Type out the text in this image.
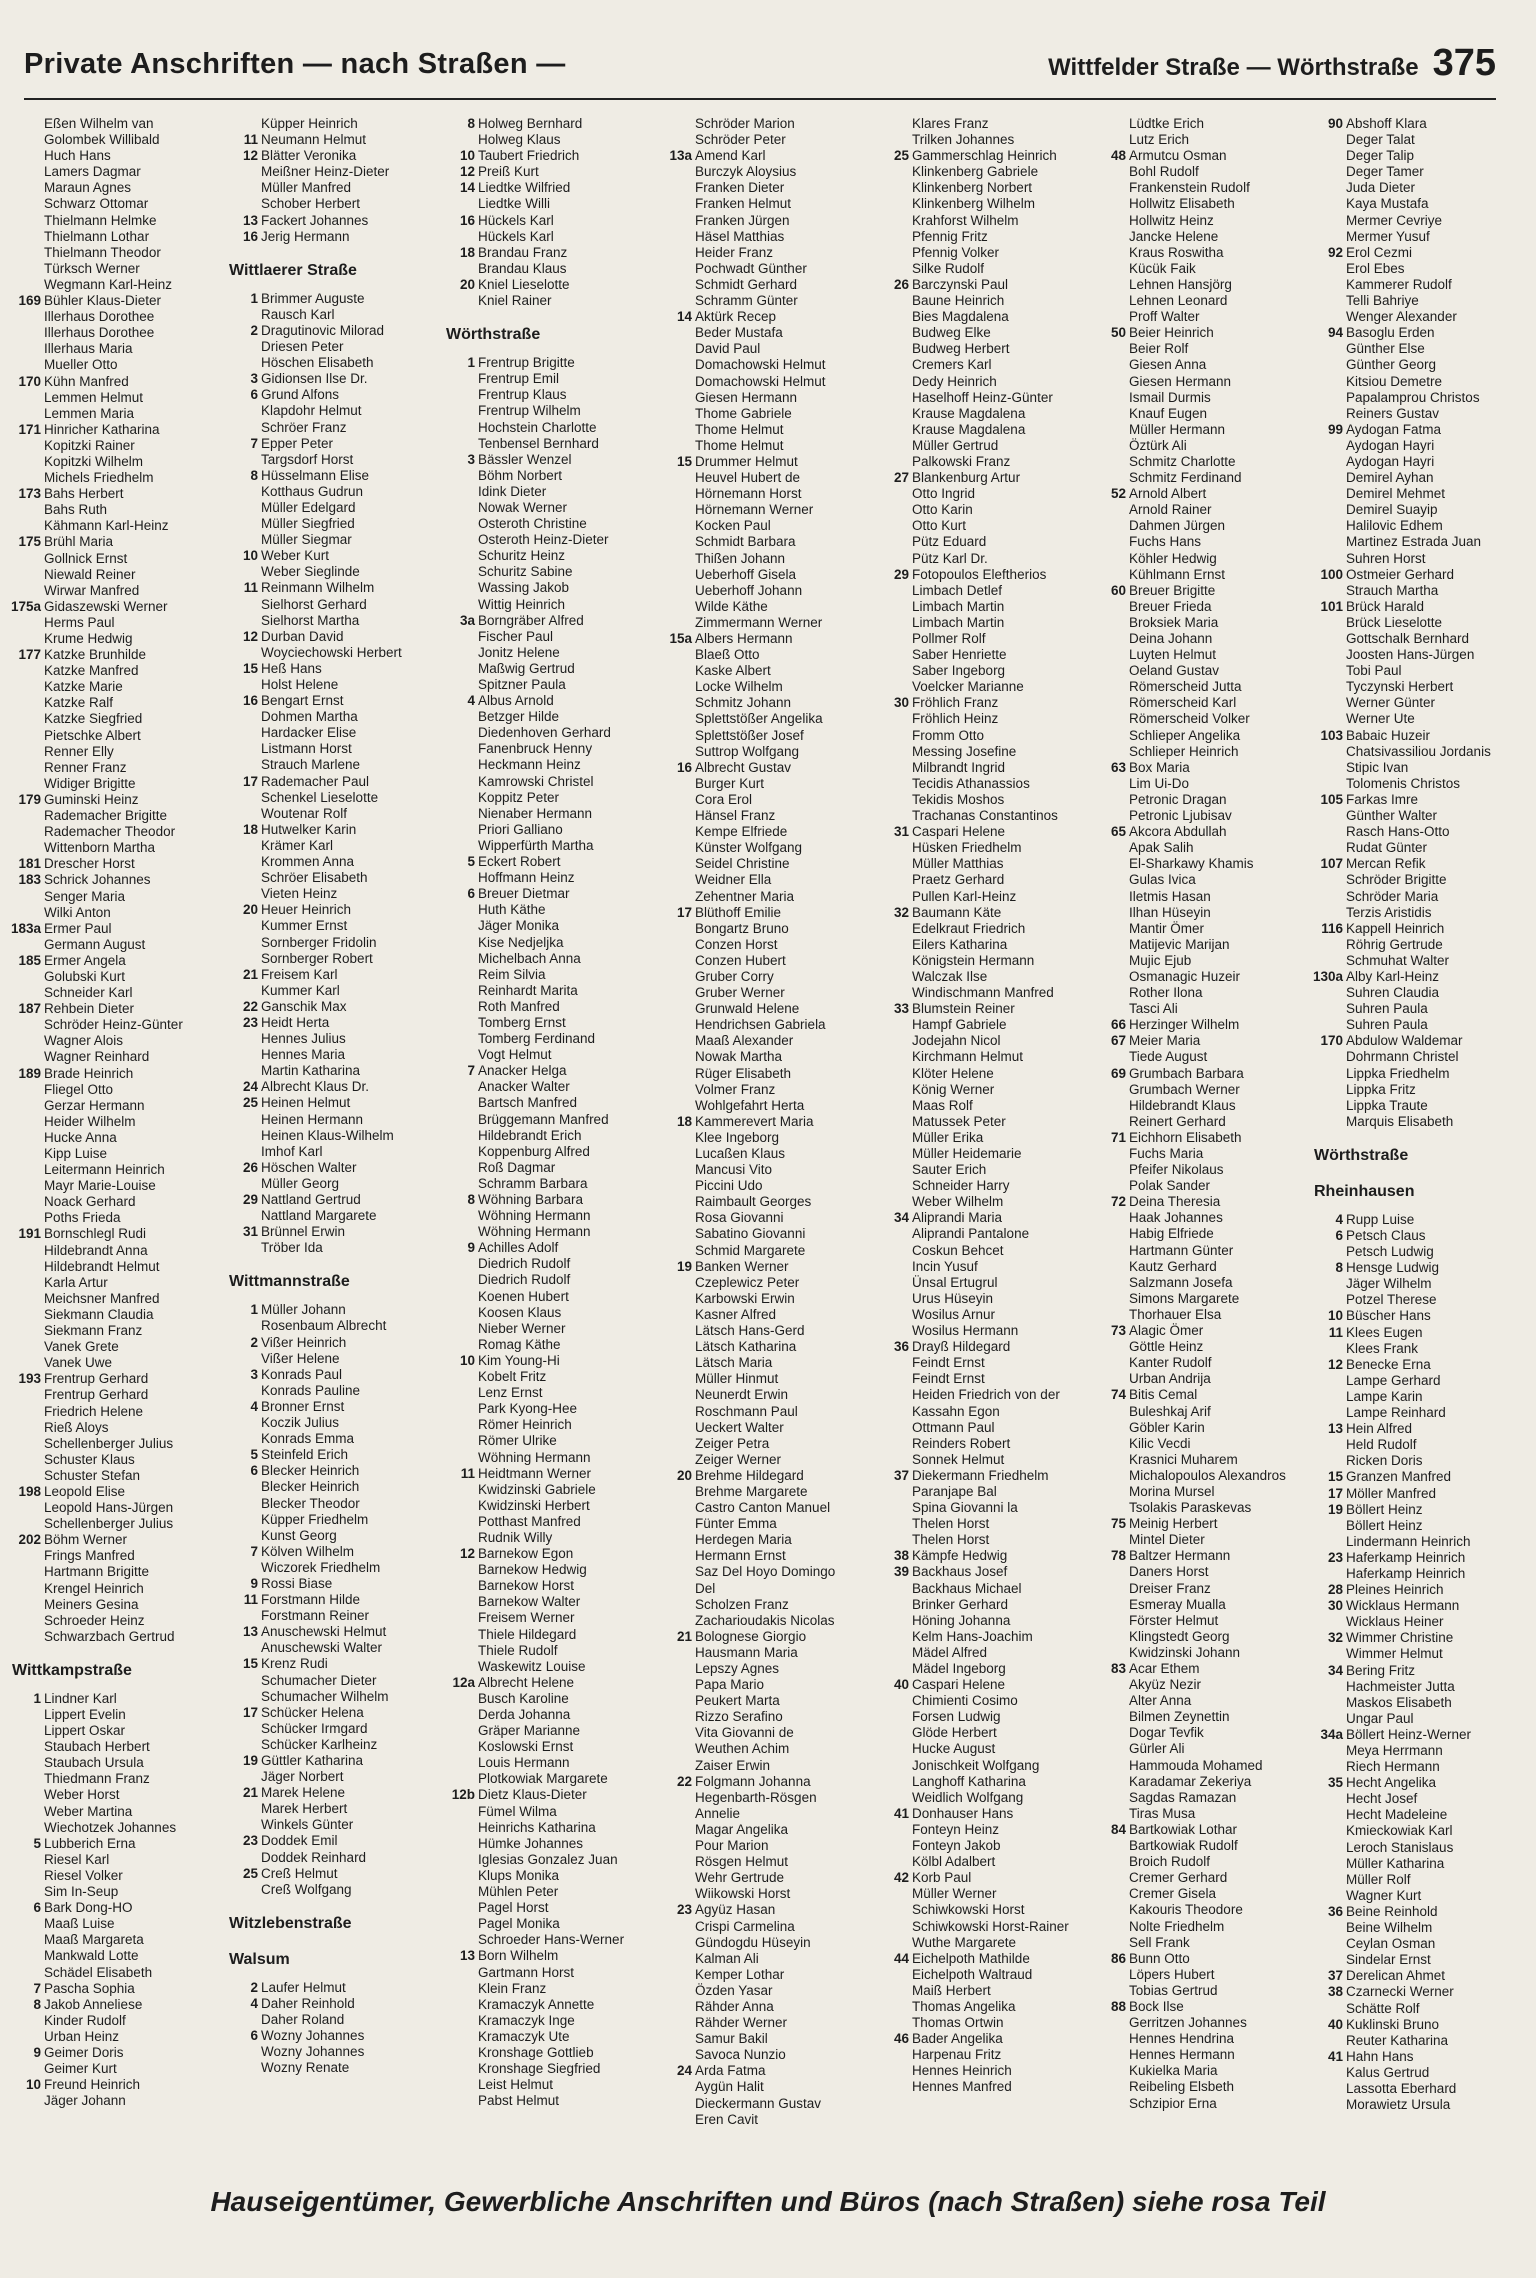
Private Anschriften — nach Straßen —	Wittfelder Straße — Wörthstraße 375
Eßen Wilhelm van
Golombek Willibald
Huch Hans
Lamers Dagmar
Maraun Agnes
Schwarz Ottomar
Thielmann Helmke
Thielmann Lothar
Thielmann Theodor
Türksch Werner
Wegmann Karl-Heinz
169 Bühler Klaus-Dieter
Illerhaus Dorothee
Illerhaus Dorothee
Illerhaus Maria
Mueller Otto
170 Kühn Manfred
Lemmen Helmut
Lemmen Maria
171 Hinricher Katharina
Kopitzki Rainer
Kopitzki Wilhelm
Michels Friedhelm
173 Bahs Herbert
Bahs Ruth
Kähmann Karl-Heinz
175 Brühl Maria
Gollnick Ernst
Niewald Reiner
Wirwar Manfred
175a Gidaszewski Werner
Herms Paul
Krume Hedwig
177 Katzke Brunhilde
Katzke Manfred
Katzke Marie
Katzke Ralf
Katzke Siegfried
Pietschke Albert
Renner Elly
Renner Franz
Widiger Brigitte
179 Guminski Heinz
Rademacher Brigitte
Rademacher Theodor
Wittenborn Martha
181 Drescher Horst
183 Schrick Johannes
Senger Maria
Wilki Anton
183a Ermer Paul
Germann August
185 Ermer Angela
Golubski Kurt
Schneider Karl
187 Rehbein Dieter
Schröder Heinz-Günter
Wagner Alois
Wagner Reinhard
189 Brade Heinrich
Fliegel Otto
Gerzar Hermann
Heider Wilhelm
Hucke Anna
Kipp Luise
Leitermann Heinrich
Mayr Marie-Louise
Noack Gerhard
Poths Frieda
191 Bornschlegl Rudi
Hildebrandt Anna
Hildebrandt Helmut
Karla Artur
Meichsner Manfred
Siekmann Claudia
Siekmann Franz
Vanek Grete
Vanek Uwe
193 Frentrup Gerhard
Frentrup Gerhard
Friedrich Helene
Rieß Aloys
Schellenberger Julius
Schuster Klaus
Schuster Stefan
198 Leopold Elise
Leopold Hans-Jürgen
Schellenberger Julius
202 Böhm Werner
Frings Manfred
Hartmann Brigitte
Krengel Heinrich
Meiners Gesina
Schroeder Heinz
Schwarzbach Gertrud
Wittkampstraße
1 Lindner Karl
Lippert Evelin
Lippert Oskar
Staubach Herbert
Staubach Ursula
Thiedmann Franz
Weber Horst
Weber Martina
Wiechotzek Johannes
5 Lubberich Erna
Riesel Karl
Riesel Volker
Sim In-Seup
6 Bark Dong-HO
Maaß Luise
Maaß Margareta
Mankwald Lotte
Schädel Elisabeth
7 Pascha Sophia
8 Jakob Anneliese
Kinder Rudolf
Urban Heinz
9 Geimer Doris
Geimer Kurt
10 Freund Heinrich
Jäger Johann
Küpper Heinrich
11 Neumann Helmut
12 Blätter Veronika
Meißner Heinz-Dieter
Müller Manfred
Schober Herbert
13 Fackert Johannes
16 Jerig Hermann
Wittlaerer Straße
1 Brimmer Auguste
Rausch Karl
2 Dragutinovic Milorad
Driesen Peter
Höschen Elisabeth
3 Gidionsen Ilse Dr.
6 Grund Alfons
Klapdohr Helmut
Schröer Franz
7 Epper Peter
Targsdorf Horst
8 Hüsselmann Elise
Kotthaus Gudrun
Müller Edelgard
Müller Siegfried
Müller Siegmar
10 Weber Kurt
Weber Sieglinde
11 Reinmann Wilhelm
Sielhorst Gerhard
Sielhorst Martha
12 Durban David
Woyciechowski Herbert
15 Heß Hans
Holst Helene
16 Bengart Ernst
Dohmen Martha
Hardacker Elise
Listmann Horst
Strauch Marlene
17 Rademacher Paul
Schenkel Lieselotte
Woutenar Rolf
18 Hutwelker Karin
Krämer Karl
Krommen Anna
Schröer Elisabeth
Vieten Heinz
20 Heuer Heinrich
Kummer Ernst
Sornberger Fridolin
Sornberger Robert
21 Freisem Karl
Kummer Karl
22 Ganschik Max
23 Heidt Herta
Hennes Julius
Hennes Maria
Martin Katharina
24 Albrecht Klaus Dr.
25 Heinen Helmut
Heinen Hermann
Heinen Klaus-Wilhelm
Imhof Karl
26 Höschen Walter
Müller Georg
29 Nattland Gertrud
Nattland Margarete
31 Brünnel Erwin
Tröber Ida
Wittmannstraße
1 Müller Johann
Rosenbaum Albrecht
2 Vißer Heinrich
Vißer Helene
3 Konrads Paul
Konrads Pauline
4 Bronner Ernst
Koczik Julius
Konrads Emma
5 Steinfeld Erich
6 Blecker Heinrich
Blecker Heinrich
Blecker Theodor
Küpper Friedhelm
Kunst Georg
7 Kölven Wilhelm
Wiczorek Friedhelm
9 Rossi Biase
11 Forstmann Hilde
Forstmann Reiner
13 Anuschewski Helmut
Anuschewski Walter
15 Krenz Rudi
Schumacher Dieter
Schumacher Wilhelm
17 Schücker Helena
Schücker Irmgard
Schücker Karlheinz
19 Güttler Katharina
Jäger Norbert
21 Marek Helene
Marek Herbert
Winkels Günter
23 Doddek Emil
Doddek Reinhard
25 Creß Helmut
Creß Wolfgang
Witzlebenstraße
Walsum
2 Laufer Helmut
4 Daher Reinhold
Daher Roland
6 Wozny Johannes
Wozny Johannes
Wozny Renate
8 Holweg Bernhard
Holweg Klaus
10 Taubert Friedrich
12 Preiß Kurt
14 Liedtke Wilfried
Liedtke Willi
16 Hückels Karl
Hückels Karl
18 Brandau Franz
Brandau Klaus
20 Kniel Lieselotte
Kniel Rainer
Wörthstraße
1 Frentrup Brigitte
Frentrup Emil
Frentrup Klaus
Frentrup Wilhelm
Hochstein Charlotte
Tenbensel Bernhard
3 Bässler Wenzel
Böhm Norbert
Idink Dieter
Nowak Werner
Osteroth Christine
Osteroth Heinz-Dieter
Schuritz Heinz
Schuritz Sabine
Wassing Jakob
Wittig Heinrich
3a Borngräber Alfred
Fischer Paul
Jonitz Helene
Maßwig Gertrud
Spitzner Paula
4 Albus Arnold
Betzger Hilde
Diedenhoven Gerhard
Fanenbruck Henny
Heckmann Heinz
Kamrowski Christel
Koppitz Peter
Nienaber Hermann
Priori Galliano
Wipperfürth Martha
5 Eckert Robert
Hoffmann Heinz
6 Breuer Dietmar
Huth Käthe
Jäger Monika
Kise Nedjeljka
Michelbach Anna
Reim Silvia
Reinhardt Marita
Roth Manfred
Tomberg Ernst
Tomberg Ferdinand
Vogt Helmut
7 Anacker Helga
Anacker Walter
Bartsch Manfred
Brüggemann Manfred
Hildebrandt Erich
Koppenburg Alfred
Roß Dagmar
Schramm Barbara
8 Wöhning Barbara
Wöhning Hermann
Wöhning Hermann
9 Achilles Adolf
Diedrich Rudolf
Diedrich Rudolf
Koenen Hubert
Koosen Klaus
Nieber Werner
Romag Käthe
10 Kim Young-Hi
Kobelt Fritz
Lenz Ernst
Park Kyong-Hee
Römer Heinrich
Römer Ulrike
Wöhning Hermann
11 Heidtmann Werner
Kwidzinski Gabriele
Kwidzinski Herbert
Potthast Manfred
Rudnik Willy
12 Barnekow Egon
Barnekow Hedwig
Barnekow Horst
Barnekow Walter
Freisem Werner
Thiele Hildegard
Thiele Rudolf
Waskewitz Louise
12a Albrecht Helene
Busch Karoline
Derda Johanna
Gräper Marianne
Koslowski Ernst
Louis Hermann
Plotkowiak Margarete
12b Dietz Klaus-Dieter
Fümel Wilma
Heinrichs Katharina
Hümke Johannes
Iglesias Gonzalez Juan
Klups Monika
Mühlen Peter
Pagel Horst
Pagel Monika
Schroeder Hans-Werner
13 Born Wilhelm
Gartmann Horst
Klein Franz
Kramaczyk Annette
Kramaczyk Inge
Kramaczyk Ute
Kronshage Gottlieb
Kronshage Siegfried
Leist Helmut
Pabst Helmut
Schröder Marion
Schröder Peter
13a Amend Karl
Burczyk Aloysius
Franken Dieter
Franken Helmut
Franken Jürgen
Häsel Matthias
Heider Franz
Pochwadt Günther
Schmidt Gerhard
Schramm Günter
14 Aktürk Recep
Beder Mustafa
David Paul
Domachowski Helmut
Domachowski Helmut
Giesen Hermann
Thome Gabriele
Thome Helmut
Thome Helmut
15 Drummer Helmut
Heuvel Hubert de
Hörnemann Horst
Hörnemann Werner
Kocken Paul
Schmidt Barbara
Thißen Johann
Ueberhoff Gisela
Ueberhoff Johann
Wilde Käthe
Zimmermann Werner
15a Albers Hermann
Blaeß Otto
Kaske Albert
Locke Wilhelm
Schmitz Johann
Splettstößer Angelika
Splettstößer Josef
Suttrop Wolfgang
16 Albrecht Gustav
Burger Kurt
Cora Erol
Hänsel Franz
Kempe Elfriede
Künster Wolfgang
Seidel Christine
Weidner Ella
Zehentner Maria
17 Blüthoff Emilie
Bongartz Bruno
Conzen Horst
Conzen Hubert
Gruber Corry
Gruber Werner
Grunwald Helene
Hendrichsen Gabriela
Maaß Alexander
Nowak Martha
Rüger Elisabeth
Volmer Franz
Wohlgefahrt Herta
18 Kammerevert Maria
Klee Ingeborg
Lucaßen Klaus
Mancusi Vito
Piccini Udo
Raimbault Georges
Rosa Giovanni
Sabatino Giovanni
Schmid Margarete
19 Banken Werner
Czeplewicz Peter
Karbowski Erwin
Kasner Alfred
Lätsch Hans-Gerd
Lätsch Katharina
Lätsch Maria
Müller Hinmut
Neunerdt Erwin
Roschmann Paul
Ueckert Walter
Zeiger Petra
Zeiger Werner
20 Brehme Hildegard
Brehme Margarete
Castro Canton Manuel
Fünter Emma
Herdegen Maria
Hermann Ernst
Saz Del Hoyo Domingo
Del
Scholzen Franz
Zacharioudakis Nicolas
21 Bolognese Giorgio
Hausmann Maria
Lepszy Agnes
Papa Mario
Peukert Marta
Rizzo Serafino
Vita Giovanni de
Weuthen Achim
Zaiser Erwin
22 Folgmann Johanna
Hegenbarth-Rösgen
Annelie
Magar Angelika
Pour Marion
Rösgen Helmut
Wehr Gertrude
Wiikowski Horst
23 Agyüz Hasan
Crispi Carmelina
Gündogdu Hüseyin
Kalman Ali
Kemper Lothar
Özden Yasar
Rähder Anna
Rähder Werner
Samur Bakil
Savoca Nunzio
24 Arda Fatma
Aygün Halit
Dieckermann Gustav
Eren Cavit
Klares Franz
Trilken Johannes
25 Gammerschlag Heinrich
Klinkenberg Gabriele
Klinkenberg Norbert
Klinkenberg Wilhelm
Krahforst Wilhelm
Pfennig Fritz
Pfennig Volker
Silke Rudolf
26 Barczynski Paul
Baune Heinrich
Bies Magdalena
Budweg Elke
Budweg Herbert
Cremers Karl
Dedy Heinrich
Haselhoff Heinz-Günter
Krause Magdalena
Krause Magdalena
Müller Gertrud
Palkowski Franz
27 Blankenburg Artur
Otto Ingrid
Otto Karin
Otto Kurt
Pütz Eduard
Pütz Karl Dr.
29 Fotopoulos Eleftherios
Limbach Detlef
Limbach Martin
Limbach Martin
Pollmer Rolf
Saber Henriette
Saber Ingeborg
Voelcker Marianne
30 Fröhlich Franz
Fröhlich Heinz
Fromm Otto
Messing Josefine
Milbrandt Ingrid
Tecidis Athanassios
Tekidis Moshos
Trachanas Constantinos
31 Caspari Helene
Hüsken Friedhelm
Müller Matthias
Praetz Gerhard
Pullen Karl-Heinz
32 Baumann Käte
Edelkraut Friedrich
Eilers Katharina
Königstein Hermann
Walczak Ilse
Windischmann Manfred
33 Blumstein Reiner
Hampf Gabriele
Jodejahn Nicol
Kirchmann Helmut
Klöter Helene
König Werner
Maas Rolf
Matussek Peter
Müller Erika
Müller Heidemarie
Sauter Erich
Schneider Harry
Weber Wilhelm
34 Aliprandi Maria
Aliprandi Pantalone
Coskun Behcet
Incin Yusuf
Ünsal Ertugrul
Urus Hüseyin
Wosilus Arnur
Wosilus Hermann
36 Drayß Hildegard
Feindt Ernst
Feindt Ernst
Heiden Friedrich von der
Kassahn Egon
Ottmann Paul
Reinders Robert
Sonnek Helmut
37 Diekermann Friedhelm
Paranjape Bal
Spina Giovanni la
Thelen Horst
Thelen Horst
38 Kämpfe Hedwig
39 Backhaus Josef
Backhaus Michael
Brinker Gerhard
Höning Johanna
Kelm Hans-Joachim
Mädel Alfred
Mädel Ingeborg
40 Caspari Helene
Chimienti Cosimo
Forsen Ludwig
Glöde Herbert
Hucke August
Jonischkeit Wolfgang
Langhoff Katharina
Weidlich Wolfgang
41 Donhauser Hans
Fonteyn Heinz
Fonteyn Jakob
Kölbl Adalbert
42 Korb Paul
Müller Werner
Schiwkowski Horst
Schiwkowski Horst-Rainer
Wuthe Margarete
44 Eichelpoth Mathilde
Eichelpoth Waltraud
Maiß Herbert
Thomas Angelika
Thomas Ortwin
46 Bader Angelika
Harpenau Fritz
Hennes Heinrich
Hennes Manfred
Lüdtke Erich
Lutz Erich
48 Armutcu Osman
Bohl Rudolf
Frankenstein Rudolf
Hollwitz Elisabeth
Hollwitz Heinz
Jancke Helene
Kraus Roswitha
Kücük Faik
Lehnen Hansjörg
Lehnen Leonard
Proff Walter
50 Beier Heinrich
Beier Rolf
Giesen Anna
Giesen Hermann
Ismail Durmis
Knauf Eugen
Müller Hermann
Öztürk Ali
Schmitz Charlotte
Schmitz Ferdinand
52 Arnold Albert
Arnold Rainer
Dahmen Jürgen
Fuchs Hans
Köhler Hedwig
Kühlmann Ernst
60 Breuer Brigitte
Breuer Frieda
Broksiek Maria
Deina Johann
Luyten Helmut
Oeland Gustav
Römerscheid Jutta
Römerscheid Karl
Römerscheid Volker
Schlieper Angelika
Schlieper Heinrich
63 Box Maria
Lim Ui-Do
Petronic Dragan
Petronic Ljubisav
65 Akcora Abdullah
Apak Salih
El-Sharkawy Khamis
Gulas Ivica
Iletmis Hasan
Ilhan Hüseyin
Mantir Ömer
Matijevic Marijan
Mujic Ejub
Osmanagic Huzeir
Rother Ilona
Tasci Ali
66 Herzinger Wilhelm
67 Meier Maria
Tiede August
69 Grumbach Barbara
Grumbach Werner
Hildebrandt Klaus
Reinert Gerhard
71 Eichhorn Elisabeth
Fuchs Maria
Pfeifer Nikolaus
Polak Sander
72 Deina Theresia
Haak Johannes
Habig Elfriede
Hartmann Günter
Kautz Gerhard
Salzmann Josefa
Simons Margarete
Thorhauer Elsa
73 Alagic Ömer
Göttle Heinz
Kanter Rudolf
Urban Andrija
74 Bitis Cemal
Buleshkaj Arif
Göbler Karin
Kilic Vecdi
Krasnici Muharem
Michalopoulos Alexandros
Morina Mursel
Tsolakis Paraskevas
75 Meinig Herbert
Mintel Dieter
78 Baltzer Hermann
Daners Horst
Dreiser Franz
Esmeray Mualla
Förster Helmut
Klingstedt Georg
Kwidzinski Johann
83 Acar Ethem
Akyüz Nezir
Alter Anna
Bilmen Zeynettin
Dogar Tevfik
Gürler Ali
Hammouda Mohamed
Karadamar Zekeriya
Sagdas Ramazan
Tiras Musa
84 Bartkowiak Lothar
Bartkowiak Rudolf
Broich Rudolf
Cremer Gerhard
Cremer Gisela
Kakouris Theodore
Nolte Friedhelm
Sell Frank
86 Bunn Otto
Löpers Hubert
Tobias Gertrud
88 Bock Ilse
Gerritzen Johannes
Hennes Hendrina
Hennes Hermann
Kukielka Maria
Reibeling Elsbeth
Schzipior Erna
90 Abshoff Klara
Deger Talat
Deger Talip
Deger Tamer
Juda Dieter
Kaya Mustafa
Mermer Cevriye
Mermer Yusuf
92 Erol Cezmi
Erol Ebes
Kammerer Rudolf
Telli Bahriye
Wenger Alexander
94 Basoglu Erden
Günther Else
Günther Georg
Kitsiou Demetre
Papalamprou Christos
Reiners Gustav
99 Aydogan Fatma
Aydogan Hayri
Aydogan Hayri
Demirel Ayhan
Demirel Mehmet
Demirel Suayip
Halilovic Edhem
Martinez Estrada Juan
Suhren Horst
100 Ostmeier Gerhard
Strauch Martha
101 Brück Harald
Brück Lieselotte
Gottschalk Bernhard
Joosten Hans-Jürgen
Tobi Paul
Tyczynski Herbert
Werner Günter
Werner Ute
103 Babaic Huzeir
Chatsivassiliou Jordanis
Stipic Ivan
Tolomenis Christos
105 Farkas Imre
Günther Walter
Rasch Hans-Otto
Rudat Günter
107 Mercan Refik
Schröder Brigitte
Schröder Maria
Terzis Aristidis
116 Kappell Heinrich
Röhrig Gertrude
Schmuhat Walter
130a Alby Karl-Heinz
Suhren Claudia
Suhren Paula
Suhren Paula
170 Abdulow Waldemar
Dohrmann Christel
Lippka Friedhelm
Lippka Fritz
Lippka Traute
Marquis Elisabeth
Wörthstraße
Rheinhausen
4 Rupp Luise
6 Petsch Claus
Petsch Ludwig
8 Hensge Ludwig
Jäger Wilhelm
Potzel Therese
10 Büscher Hans
11 Klees Eugen
Klees Frank
12 Benecke Erna
Lampe Gerhard
Lampe Karin
Lampe Reinhard
13 Hein Alfred
Held Rudolf
Ricken Doris
15 Granzen Manfred
17 Möller Manfred
19 Böllert Heinz
Böllert Heinz
Lindermann Heinrich
23 Haferkamp Heinrich
Haferkamp Heinrich
28 Pleines Heinrich
30 Wicklaus Hermann
Wicklaus Heiner
32 Wimmer Christine
Wimmer Helmut
34 Bering Fritz
Hachmeister Jutta
Maskos Elisabeth
Ungar Paul
34a Böllert Heinz-Werner
Meya Herrmann
Riech Hermann
35 Hecht Angelika
Hecht Josef
Hecht Madeleine
Kmieckowiak Karl
Leroch Stanislaus
Müller Katharina
Müller Rolf
Wagner Kurt
36 Beine Reinhold
Beine Wilhelm
Ceylan Osman
Sindelar Ernst
37 Derelican Ahmet
38 Czarnecki Werner
Schätte Rolf
40 Kuklinski Bruno
Reuter Katharina
41 Hahn Hans
Kalus Gertrud
Lassotta Eberhard
Morawietz Ursula
Hauseigentümer, Gewerbliche Anschriften und Büros (nach Straßen) siehe rosa Teil
